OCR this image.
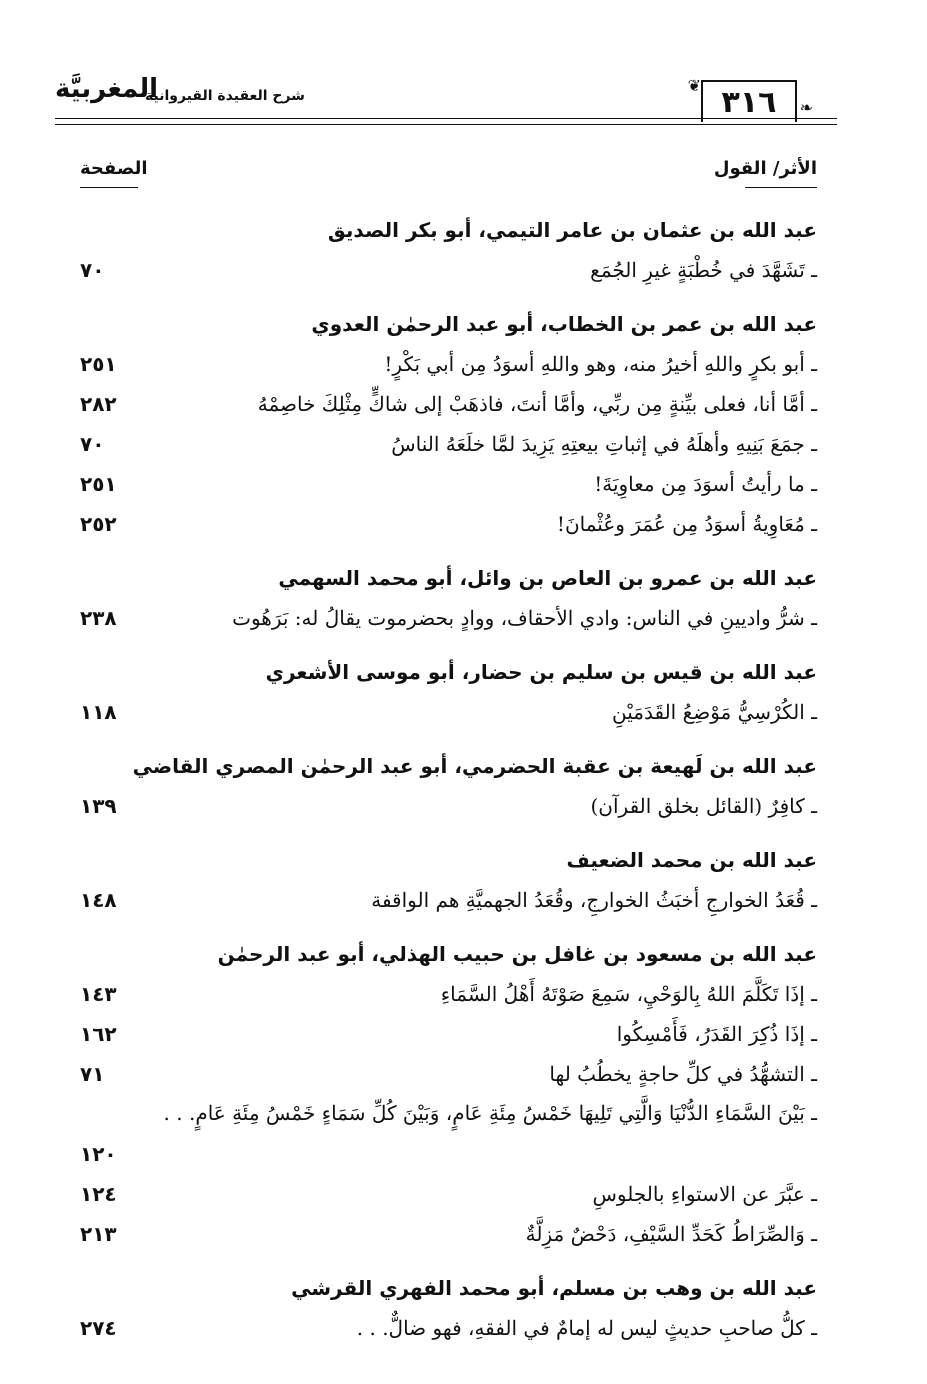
المغربيَّة
شرح العقيدة القيروانية
❦ ٣١٦ ❧
الأثر/ القول
الصفحة
عبد الله بن عثمان بن عامر التيمي، أبو بكر الصديق
ـ تَشَهَّدَ في خُطْبَةٍ غيرِ الجُمَع
٧٠
عبد الله بن عمر بن الخطاب، أبو عبد الرحمٰن العدوي
ـ أبو بكرٍ واللهِ أخيرُ منه، وهو واللهِ أسوَدُ مِن أبي بَكْرٍ!
٢٥١
ـ أمَّا أنا، فعلى بيِّنةٍ مِن ربِّي، وأمَّا أنتَ، فاذهَبْ إلى شاكٍّ مِثْلِكَ خاصِمْهُ
٢٨٢
ـ جمَعَ بَنِيهِ وأهلَهُ في إثباتِ بيعتِهِ يَزِيدَ لمَّا خلَعَهُ الناسُ
٧٠
ـ ما رأيتُ أسوَدَ مِن معاوِيَةَ!
٢٥١
ـ مُعَاوِيةُ أسوَدُ مِن عُمَرَ وعُثْمانَ!
٢٥٢
عبد الله بن عمرو بن العاص بن وائل، أبو محمد السهمي
ـ شرُّ واديينِ في الناس: وادي الأحقاف، ووادٍ بحضرموت يقالُ له: بَرَهُوت
٢٣٨
عبد الله بن قيس بن سليم بن حضار، أبو موسى الأشعري
ـ الكُرْسِيُّ مَوْضِعُ القَدَمَيْنِ
١١٨
عبد الله بن لَهيعة بن عقبة الحضرمي، أبو عبد الرحمٰن المصري القاضي
ـ كافِرٌ (القائل بخلق القرآن)
١٣٩
عبد الله بن محمد الضعيف
ـ قُعَدُ الخوارجِ أخبَثُ الخوارجِ، وقُعَدُ الجهميَّةِ هم الواقفة
١٤٨
عبد الله بن مسعود بن غافل بن حبيب الهذلي، أبو عبد الرحمٰن
ـ إذَا تَكَلَّمَ اللهُ بِالوَحْيِ، سَمِعَ صَوْتَهُ أَهْلُ السَّمَاءِ
١٤٣
ـ إذَا ذُكِرَ القَدَرُ، فَأَمْسِكُوا
١٦٢
ـ التشهُّدُ في كلِّ حاجةٍ يخطُبُ لها
٧١
ـ بَيْنَ السَّمَاءِ الدُّنْيَا وَالَّتِي تَلِيهَا خَمْسُ مِئَةِ عَامٍ، وَبَيْنَ كُلِّ سَمَاءٍ خَمْسُ مِئَةِ عَامٍ. . .
١٢٠
ـ عبَّرَ عن الاستواءِ بالجلوسِ
١٢٤
ـ وَالصِّرَاطُ كَحَدِّ السَّيْفِ، دَحْضٌ مَزِلَّةٌ
٢١٣
عبد الله بن وهب بن مسلم، أبو محمد الفهري القرشي
ـ كلُّ صاحبِ حديثٍ ليس له إمامٌ في الفقهِ، فهو ضالٌّ. . .
٢٧٤
